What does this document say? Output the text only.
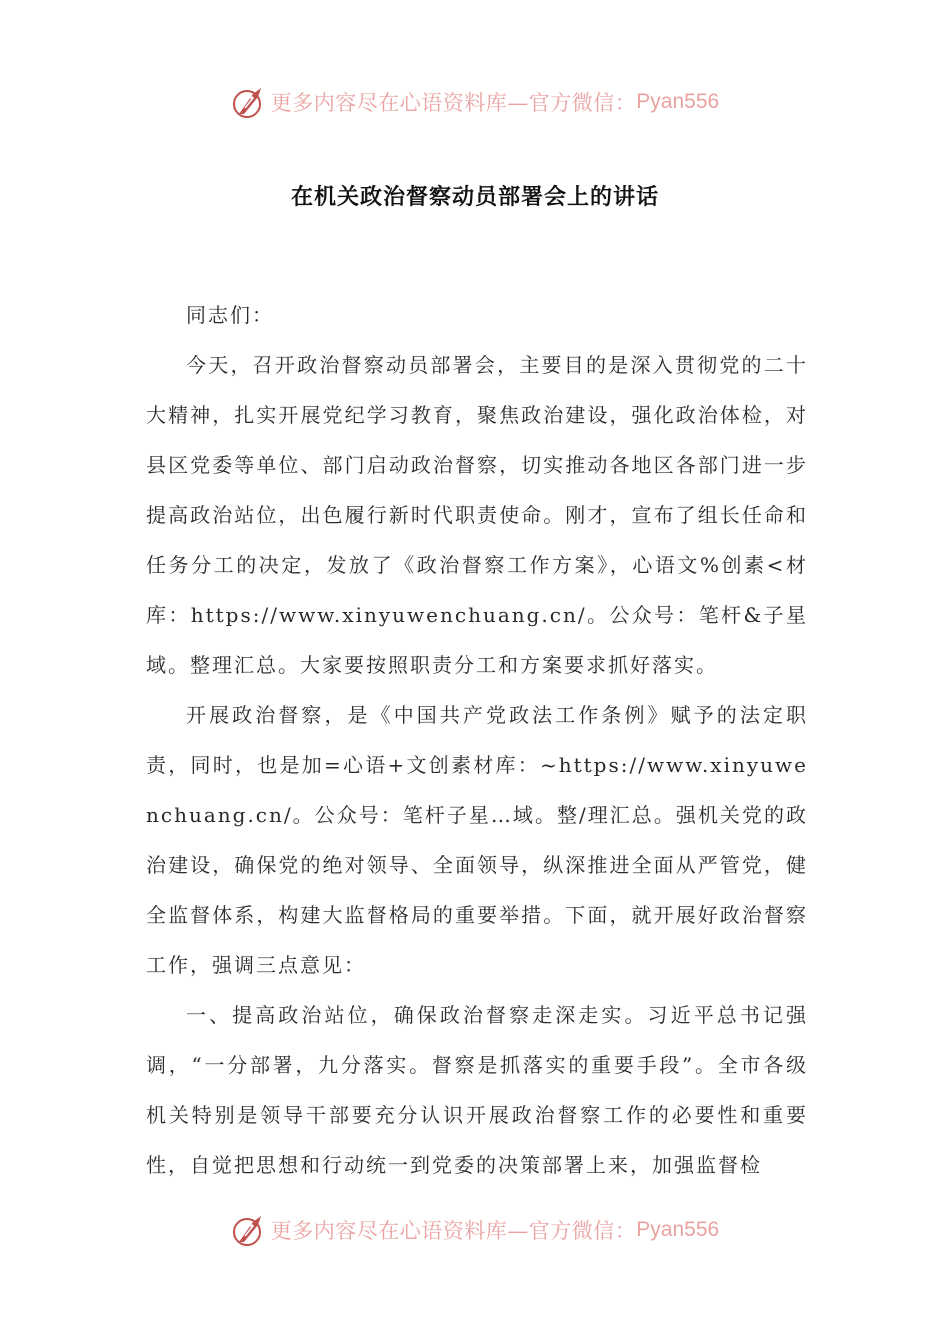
更多内容尽在心语资料库—官方微信： Pyan556
在机关政治督察动员部署会上的讲话

同志们：

今天，召开政治督察动员部署会，主要目的是深入贯彻党的二十大精神，扎实开展党纪学习教育，聚焦政治建设，强化政治体检，对县区党委等单位、部门启动政治督察，切实推动各地区各部门进一步提高政治站位，出色履行新时代职责使命。刚才，宣布了组长任命和任务分工的决定，发放了《政治督察工作方案》，心语文%创素<材库：https://www.xinyuwenchuang.cn/。公众号：笔杆&子星域。整理汇总。大家要按照职责分工和方案要求抓好落实。

开展政治督察，是《中国共产党政法工作条例》赋予的法定职责，同时，也是加=心语+文创素材库：~https://www.xinyuwenchuang.cn/。公众号：笔杆子星…域。整/理汇总。强机关党的政治建设，确保党的绝对领导、全面领导，纵深推进全面从严管党，健全监督体系，构建大监督格局的重要举措。下面，就开展好政治督察工作，强调三点意见：

一、提高政治站位，确保政治督察走深走实。习近平总书记强调，“一分部署，九分落实。督察是抓落实的重要手段”。全市各级机关特别是领导干部要充分认识开展政治督察工作的必要性和重要性，自觉把思想和行动统一到党委的决策部署上来，加强监督检

更多内容尽在心语资料库—官方微信： Pyan556
